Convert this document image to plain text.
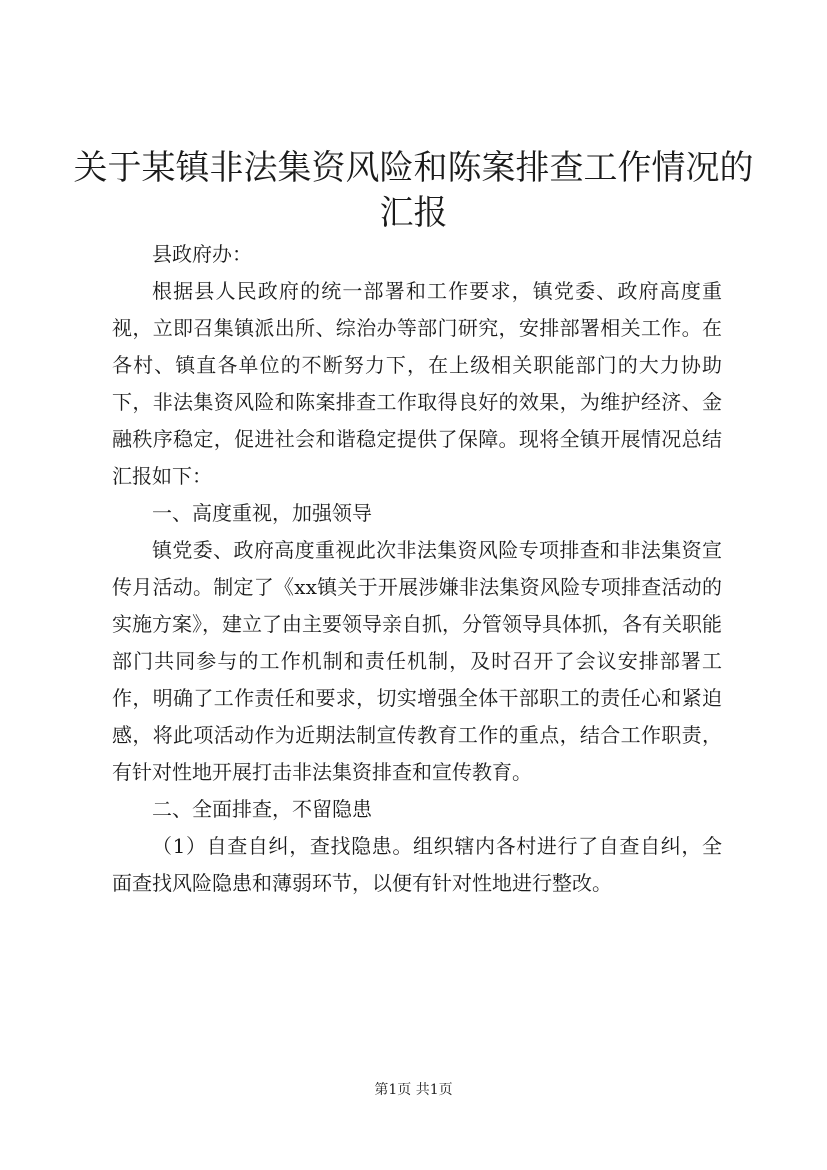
关于某镇非法集资风险和陈案排查工作情况的
汇报

县政府办：

根据县人民政府的统一部署和工作要求，镇党委、政府高度重视，立即召集镇派出所、综治办等部门研究，安排部署相关工作。在各村、镇直各单位的不断努力下，在上级相关职能部门的大力协助下，非法集资风险和陈案排查工作取得良好的效果，为维护经济、金融秩序稳定，促进社会和谐稳定提供了保障。现将全镇开展情况总结汇报如下：

一、高度重视，加强领导

镇党委、政府高度重视此次非法集资风险专项排查和非法集资宣传月活动。制定了《xx镇关于开展涉嫌非法集资风险专项排查活动的实施方案》，建立了由主要领导亲自抓，分管领导具体抓，各有关职能部门共同参与的工作机制和责任机制，及时召开了会议安排部署工作，明确了工作责任和要求，切实增强全体干部职工的责任心和紧迫感，将此项活动作为近期法制宣传教育工作的重点，结合工作职责，有针对性地开展打击非法集资排查和宣传教育。

二、全面排查，不留隐患

（1）自查自纠，查找隐患。组织辖内各村进行了自查自纠，全面查找风险隐患和薄弱环节，以便有针对性地进行整改。

第1页 共1页
